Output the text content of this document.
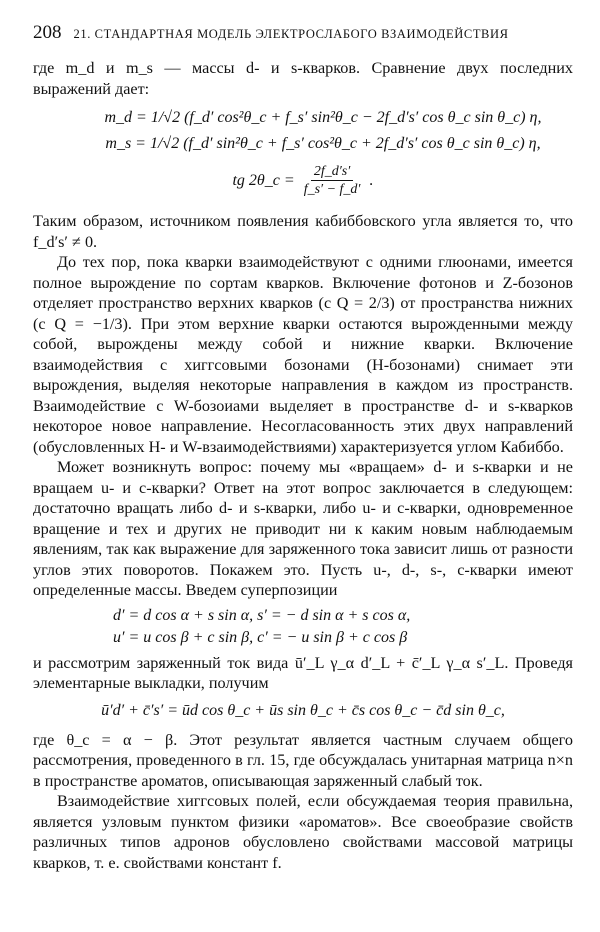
208 21. СТАНДАРТНАЯ МОДЕЛЬ ЭЛЕКТРОСЛАБОГО ВЗАИМОДЕЙСТВИЯ

где m_d и m_s — массы d- и s-кварков. Сравнение двух последних выражений дает:

m_d = 1/√2 (f_d′ cos²θ_c + f_s′ sin²θ_c − 2f_d′s′ cos θ_c sin θ_c) η,
m_s = 1/√2 (f_d′ sin²θ_c + f_s′ cos²θ_c + 2f_d′s′ cos θ_c sin θ_c) η,
tg 2θ_c = $\frac{2f\_d's'}{f\_s' - f\_d'}$ .

Таким образом, источником появления кабиббовского угла является то, что f_d′s′ ≠ 0.

До тех пор, пока кварки взаимодействуют с одними глюонами, имеется полное вырождение по сортам кварков. Включение фотонов и Z-бозонов отделяет пространство верхних кварков (с Q = 2/3) от пространства нижних (с Q = −1/3). При этом верхние кварки остаются вырожденными между собой, вырождены между собой и нижние кварки. Включение взаимодействия с хиггсовыми бозонами (H-бозонами) снимает эти вырождения, выделяя некоторые направления в каждом из пространств. Взаимодействие с W-бозоиами выделяет в пространстве d- и s-кварков некоторое новое направление. Несогласованность этих двух направлений (обусловленных H- и W-взаимодействиями) характеризуется углом Кабиббо.

Может возникнуть вопрос: почему мы «вращаем» d- и s-кварки и не вращаем u- и c-кварки? Ответ на этот вопрос заключается в следующем: достаточно вращать либо d- и s-кварки, либо u- и c-кварки, одновременное вращение и тех и других не приводит ни к каким новым наблюдаемым явлениям, так как выражение для заряженного тока зависит лишь от разности углов этих поворотов. Покажем это. Пусть u-, d-, s-, c-кварки имеют определенные массы. Введем суперпозиции

d′ = d cos α + s sin α, s′ = − d sin α + s cos α,
u′ = u cos β + c sin β, c′ = − u sin β + c cos β

и рассмотрим заряженный ток вида ū′_L γ_α d′_L + c̄′_L γ_α s′_L. Проведя элементарные выкладки, получим

ū′d′ + c̄′s′ = ūd cos θ_c + ūs sin θ_c + c̄s cos θ_c − c̄d sin θ_c,

где θ_c = α − β. Этот результат является частным случаем общего рассмотрения, проведенного в гл. 15, где обсуждалась унитарная матрица n×n в пространстве ароматов, описывающая заряженный слабый ток.

Взаимодействие хиггсовых полей, если обсуждаемая теория правильна, является узловым пунктом физики «ароматов». Все своеобразие свойств различных типов адронов обусловлено свойствами массовой матрицы кварков, т. е. свойствами констант f.
